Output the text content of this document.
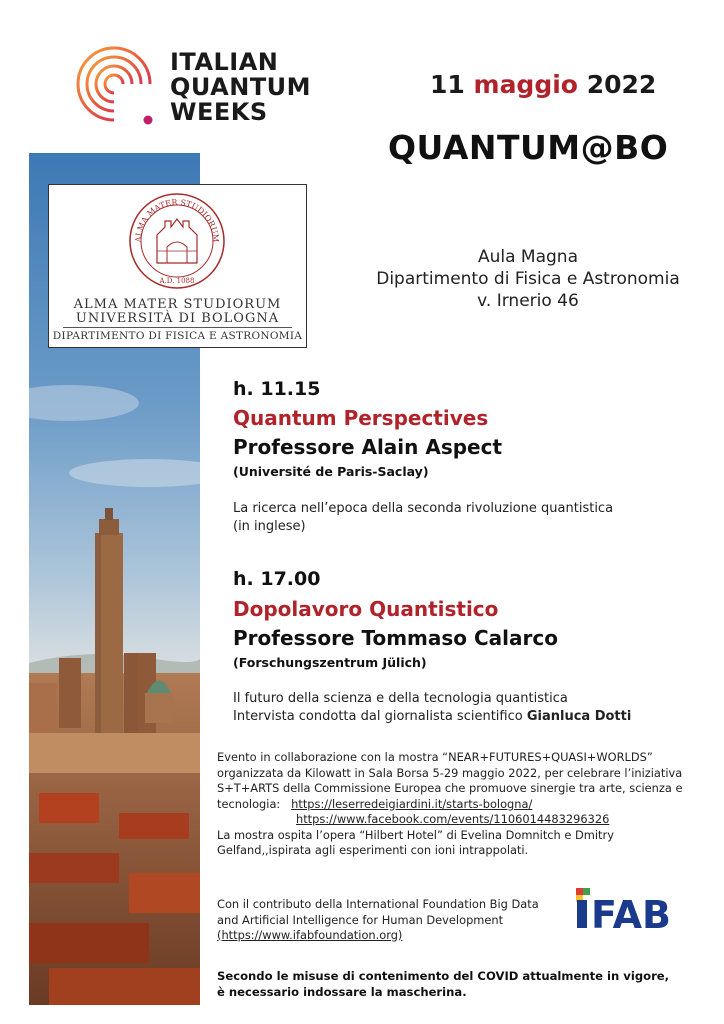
ITALIAN
QUANTUM
WEEKS
11 maggio 2022
QUANTUM@BO
ALMA MATER STUDIORUM
A.D. 1088
ALMA MATER STUDIORUM
UNIVERSITÀ DI BOLOGNA
DIPARTIMENTO DI FISICA E ASTRONOMIA
Aula Magna
Dipartimento di Fisica e Astronomia
v. Irnerio 46
h. 11.15
Quantum Perspectives
Professore Alain Aspect
(Université de Paris-Saclay)
La ricerca nell’epoca della seconda rivoluzione quantistica
(in inglese)
h. 17.00
Dopolavoro Quantistico
Professore Tommaso Calarco
(Forschungszentrum Jülich)
Il futuro della scienza e della tecnologia quantistica
Intervista condotta dal giornalista scientifico Gianluca Dotti
Evento in collaborazione con la mostra “NEAR+FUTURES+QUASI+WORLDS”
organizzata da Kilowatt in Sala Borsa 5-29 maggio 2022, per celebrare l’iniziativa
S+T+ARTS della Commissione Europea che promuove sinergie tra arte, scienza e
tecnologia: https://leserredeigiardini.it/starts-bologna/
https://www.facebook.com/events/1106014483296326
La mostra ospita l’opera “Hilbert Hotel” di Evelina Domnitch e Dmitry
Gelfand,,ispirata agli esperimenti con ioni intrappolati.
Con il contributo della International Foundation Big Data
and Artificial Intelligence for Human Development
(https://www.ifabfoundation.org)	FAB
Secondo le misuse di contenimento del COVID attualmente in vigore,
è necessario indossare la mascherina.
